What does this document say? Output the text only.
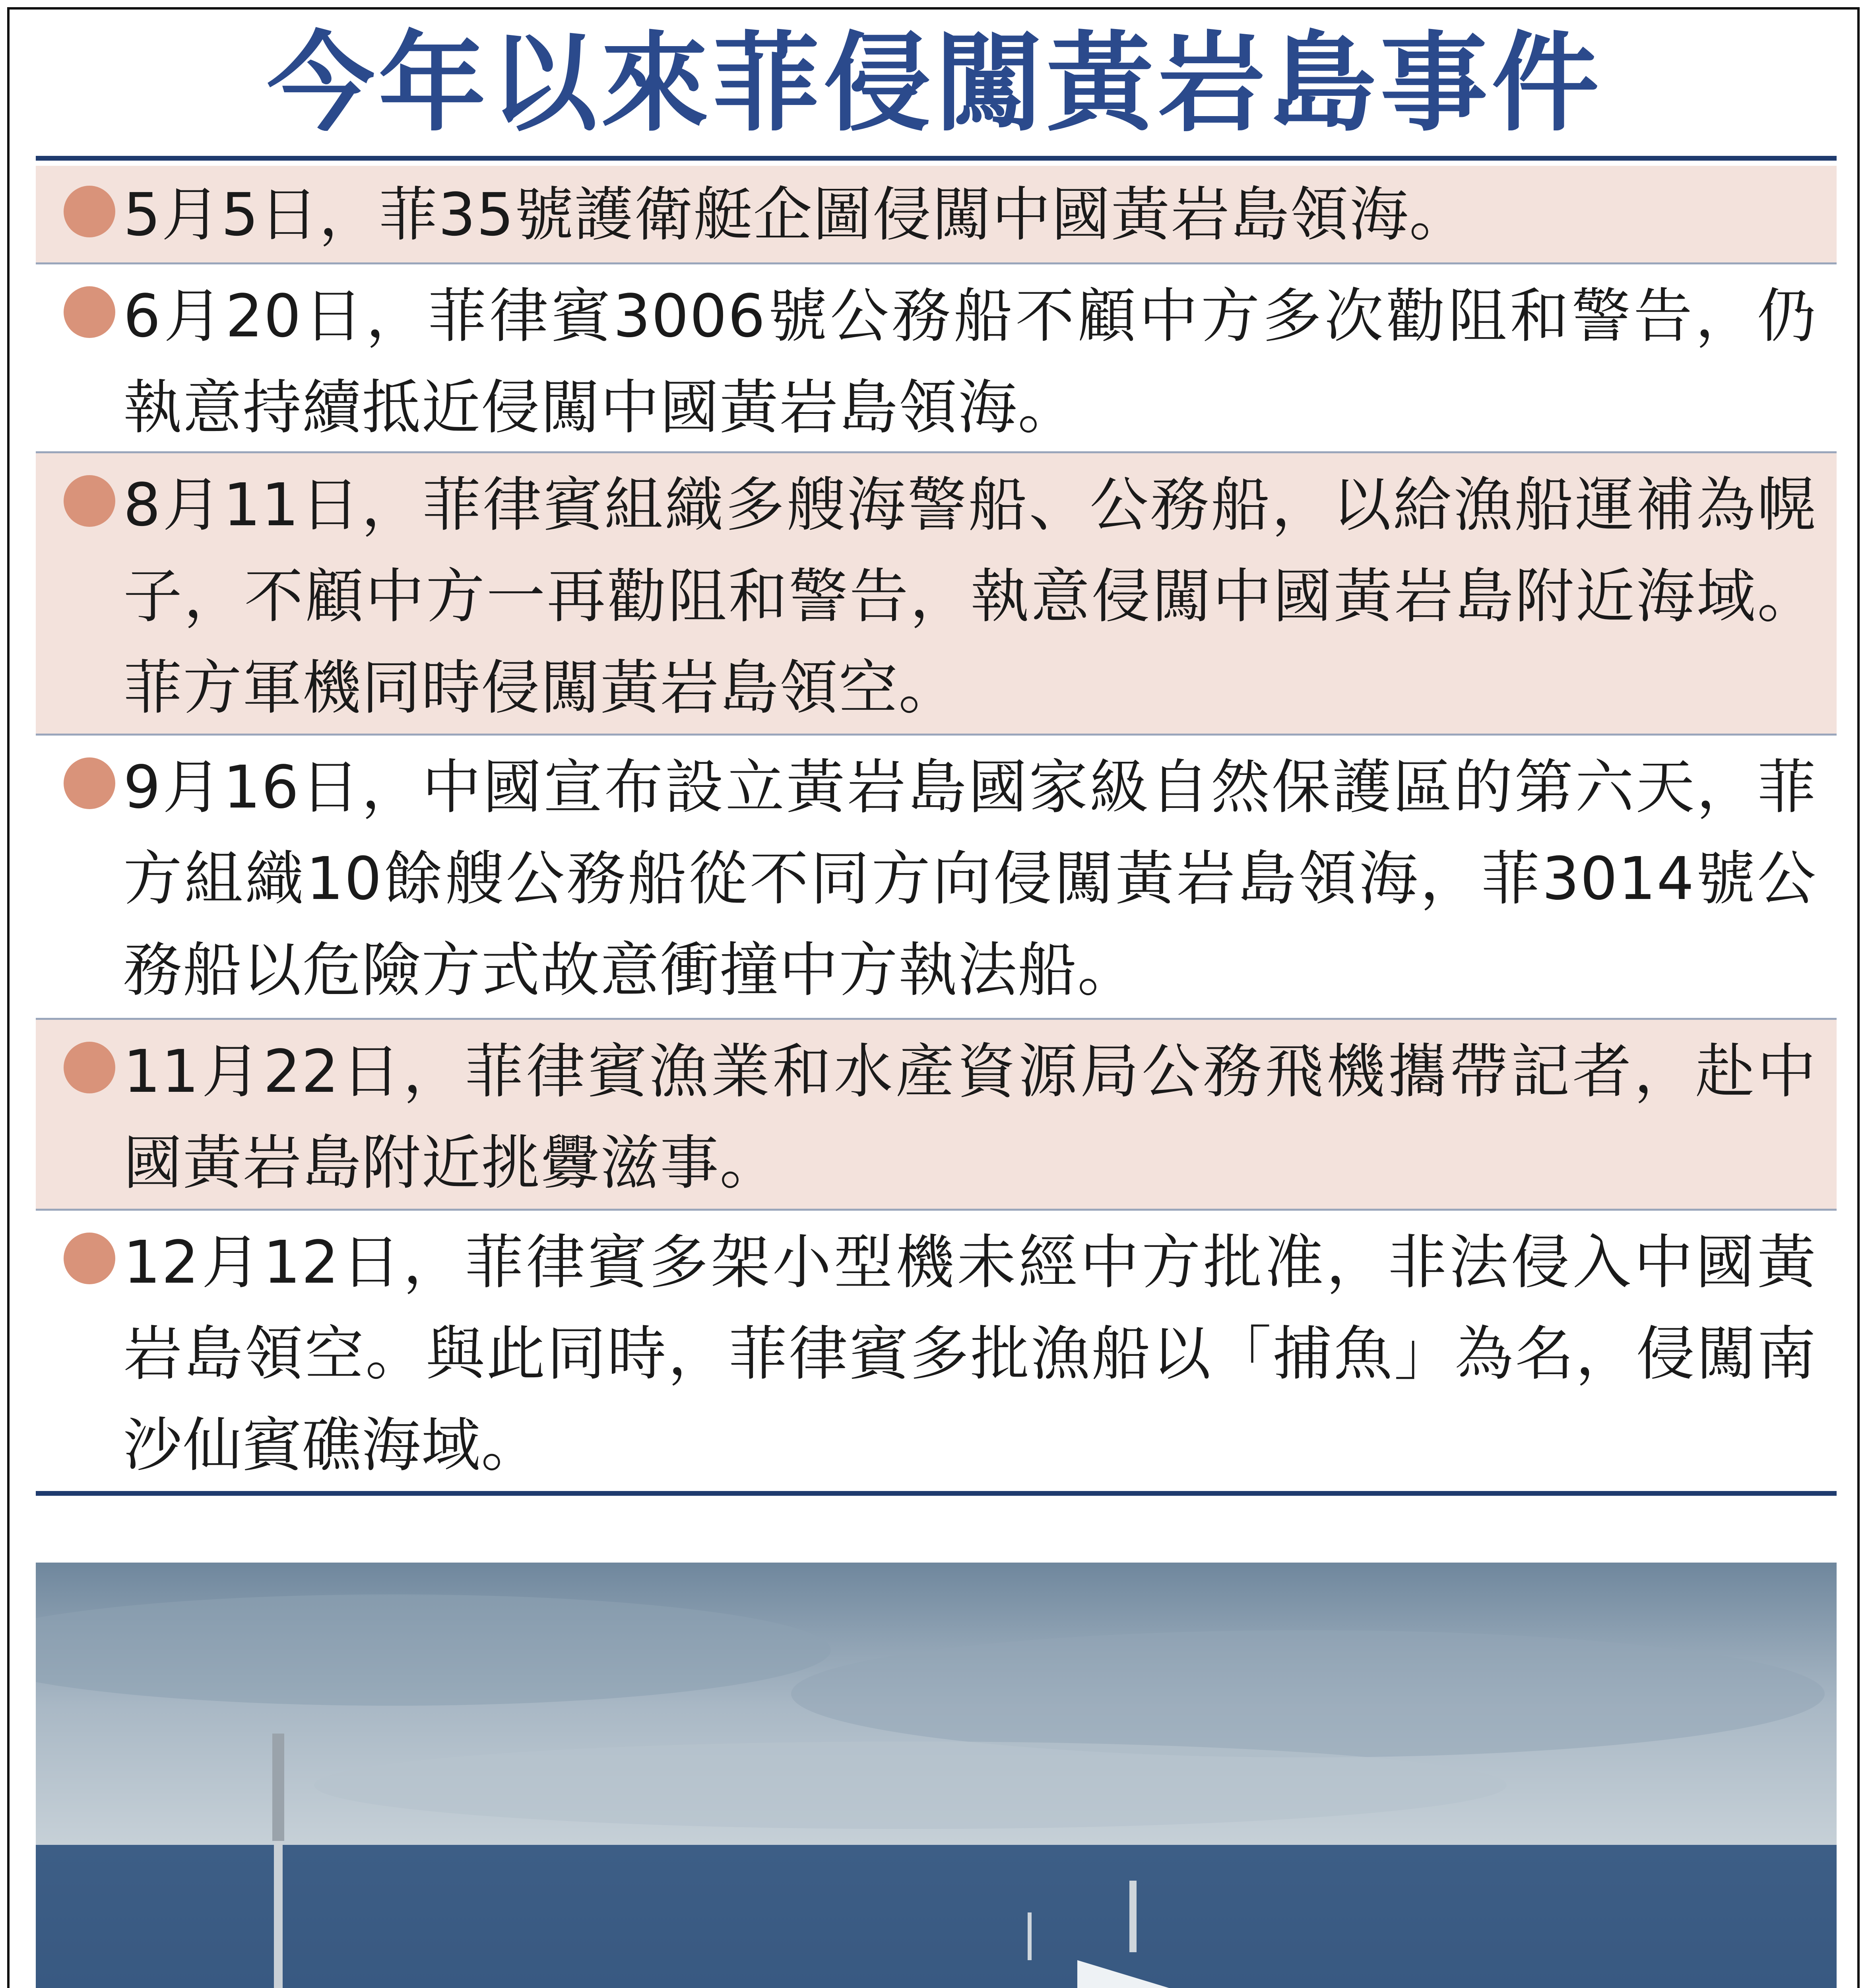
今年以來菲侵闖黃岩島事件
5月5日，菲35號護衛艇企圖侵闖中國黃岩島領海。
6月20日，菲律賓3006號公務船不顧中方多次勸阻和警告，仍執意持續抵近侵闖中國黃岩島領海。
8月11日，菲律賓組織多艘海警船、公務船，以給漁船運補為幌子，不顧中方一再勸阻和警告，執意侵闖中國黃岩島附近海域。菲方軍機同時侵闖黃岩島領空。
9月16日，中國宣布設立黃岩島國家級自然保護區的第六天，菲方組織10餘艘公務船從不同方向侵闖黃岩島領海，菲3014號公務船以危險方式故意衝撞中方執法船。
11月22日，菲律賓漁業和水產資源局公務飛機攜帶記者，赴中國黃岩島附近挑釁滋事。
12月12日，菲律賓多架小型機未經中方批准，非法侵入中國黃岩島領空。與此同時，菲律賓多批漁船以「捕魚」為名，侵闖南沙仙賓礁海域。
